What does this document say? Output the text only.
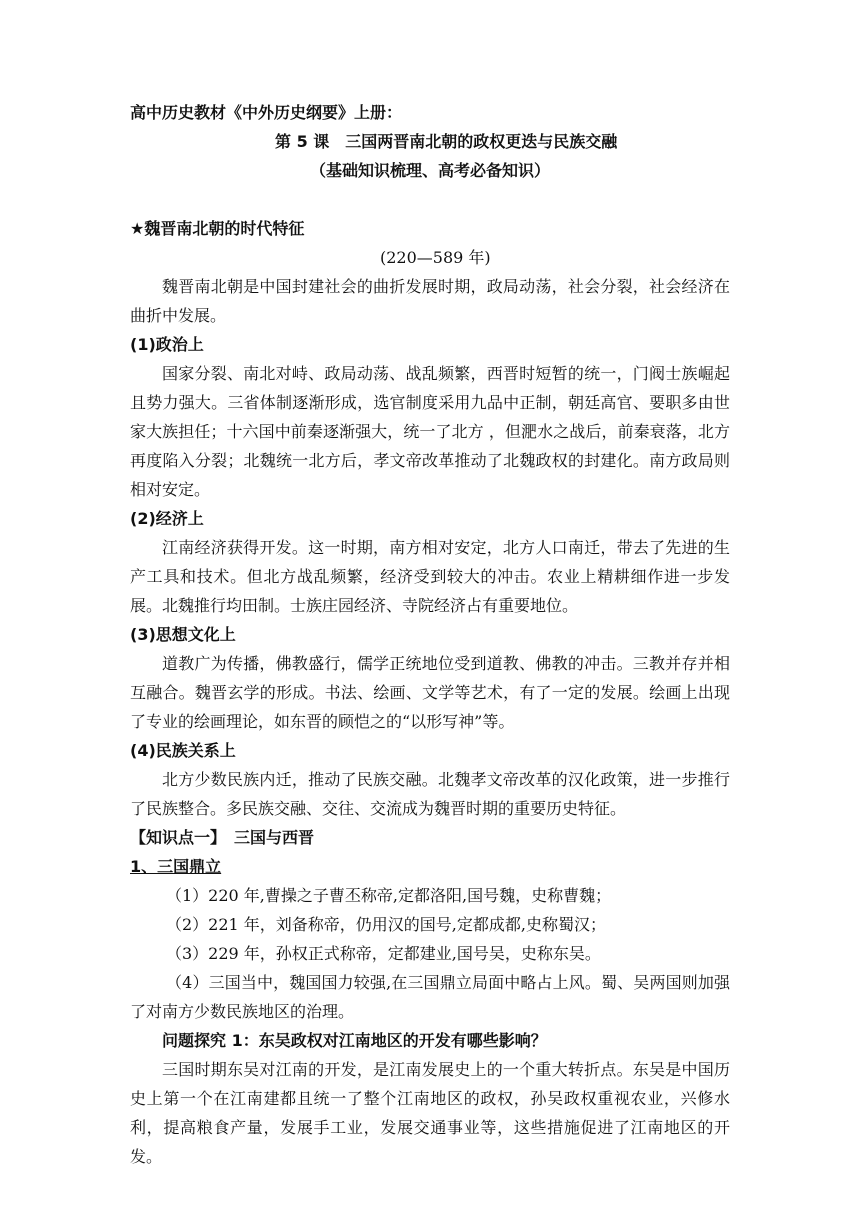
高中历史教材《中外历史纲要》上册：
第 5 课　三国两晋南北朝的政权更迭与民族交融
（基础知识梳理、高考必备知识）
★魏晋南北朝的时代特征
(220—589 年)
魏晋南北朝是中国封建社会的曲折发展时期，政局动荡，社会分裂，社会经济在曲折中发展。
(1)政治上
国家分裂、南北对峙、政局动荡、战乱频繁，西晋时短暂的统一，门阀士族崛起且势力强大。三省体制逐渐形成，选官制度采用九品中正制，朝廷高官、要职多由世家大族担任；十六国中前秦逐渐强大，统一了北方 ，但淝水之战后，前秦衰落，北方再度陷入分裂；北魏统一北方后，孝文帝改革推动了北魏政权的封建化。南方政局则相对安定。
(2)经济上
江南经济获得开发。这一时期，南方相对安定，北方人口南迁，带去了先进的生产工具和技术。但北方战乱频繁，经济受到较大的冲击。农业上精耕细作进一步发展。北魏推行均田制。士族庄园经济、寺院经济占有重要地位。
(3)思想文化上
道教广为传播，佛教盛行，儒学正统地位受到道教、佛教的冲击。三教并存并相互融合。魏晋玄学的形成。书法、绘画、文学等艺术，有了一定的发展。绘画上出现了专业的绘画理论，如东晋的顾恺之的“以形写神”等。
(4)民族关系上
北方少数民族内迁，推动了民族交融。北魏孝文帝改革的汉化政策，进一步推行了民族整合。多民族交融、交往、交流成为魏晋时期的重要历史特征。
【知识点一】　三国与西晋
1、三国鼎立
（1）220 年,曹操之子曹丕称帝,定都洛阳,国号魏，史称曹魏；
（2）221 年，刘备称帝，仍用汉的国号,定都成都,史称蜀汉；
（3）229 年，孙权正式称帝，定都建业,国号吴，史称东吴。
（4）三国当中，魏国国力较强,在三国鼎立局面中略占上风。蜀、吴两国则加强了对南方少数民族地区的治理。
问题探究 1：东吴政权对江南地区的开发有哪些影响？
三国时期东吴对江南的开发，是江南发展史上的一个重大转折点。东吴是中国历史上第一个在江南建都且统一了整个江南地区的政权，孙吴政权重视农业，兴修水利，提高粮食产量，发展手工业，发展交通事业等，这些措施促进了江南地区的开发。
